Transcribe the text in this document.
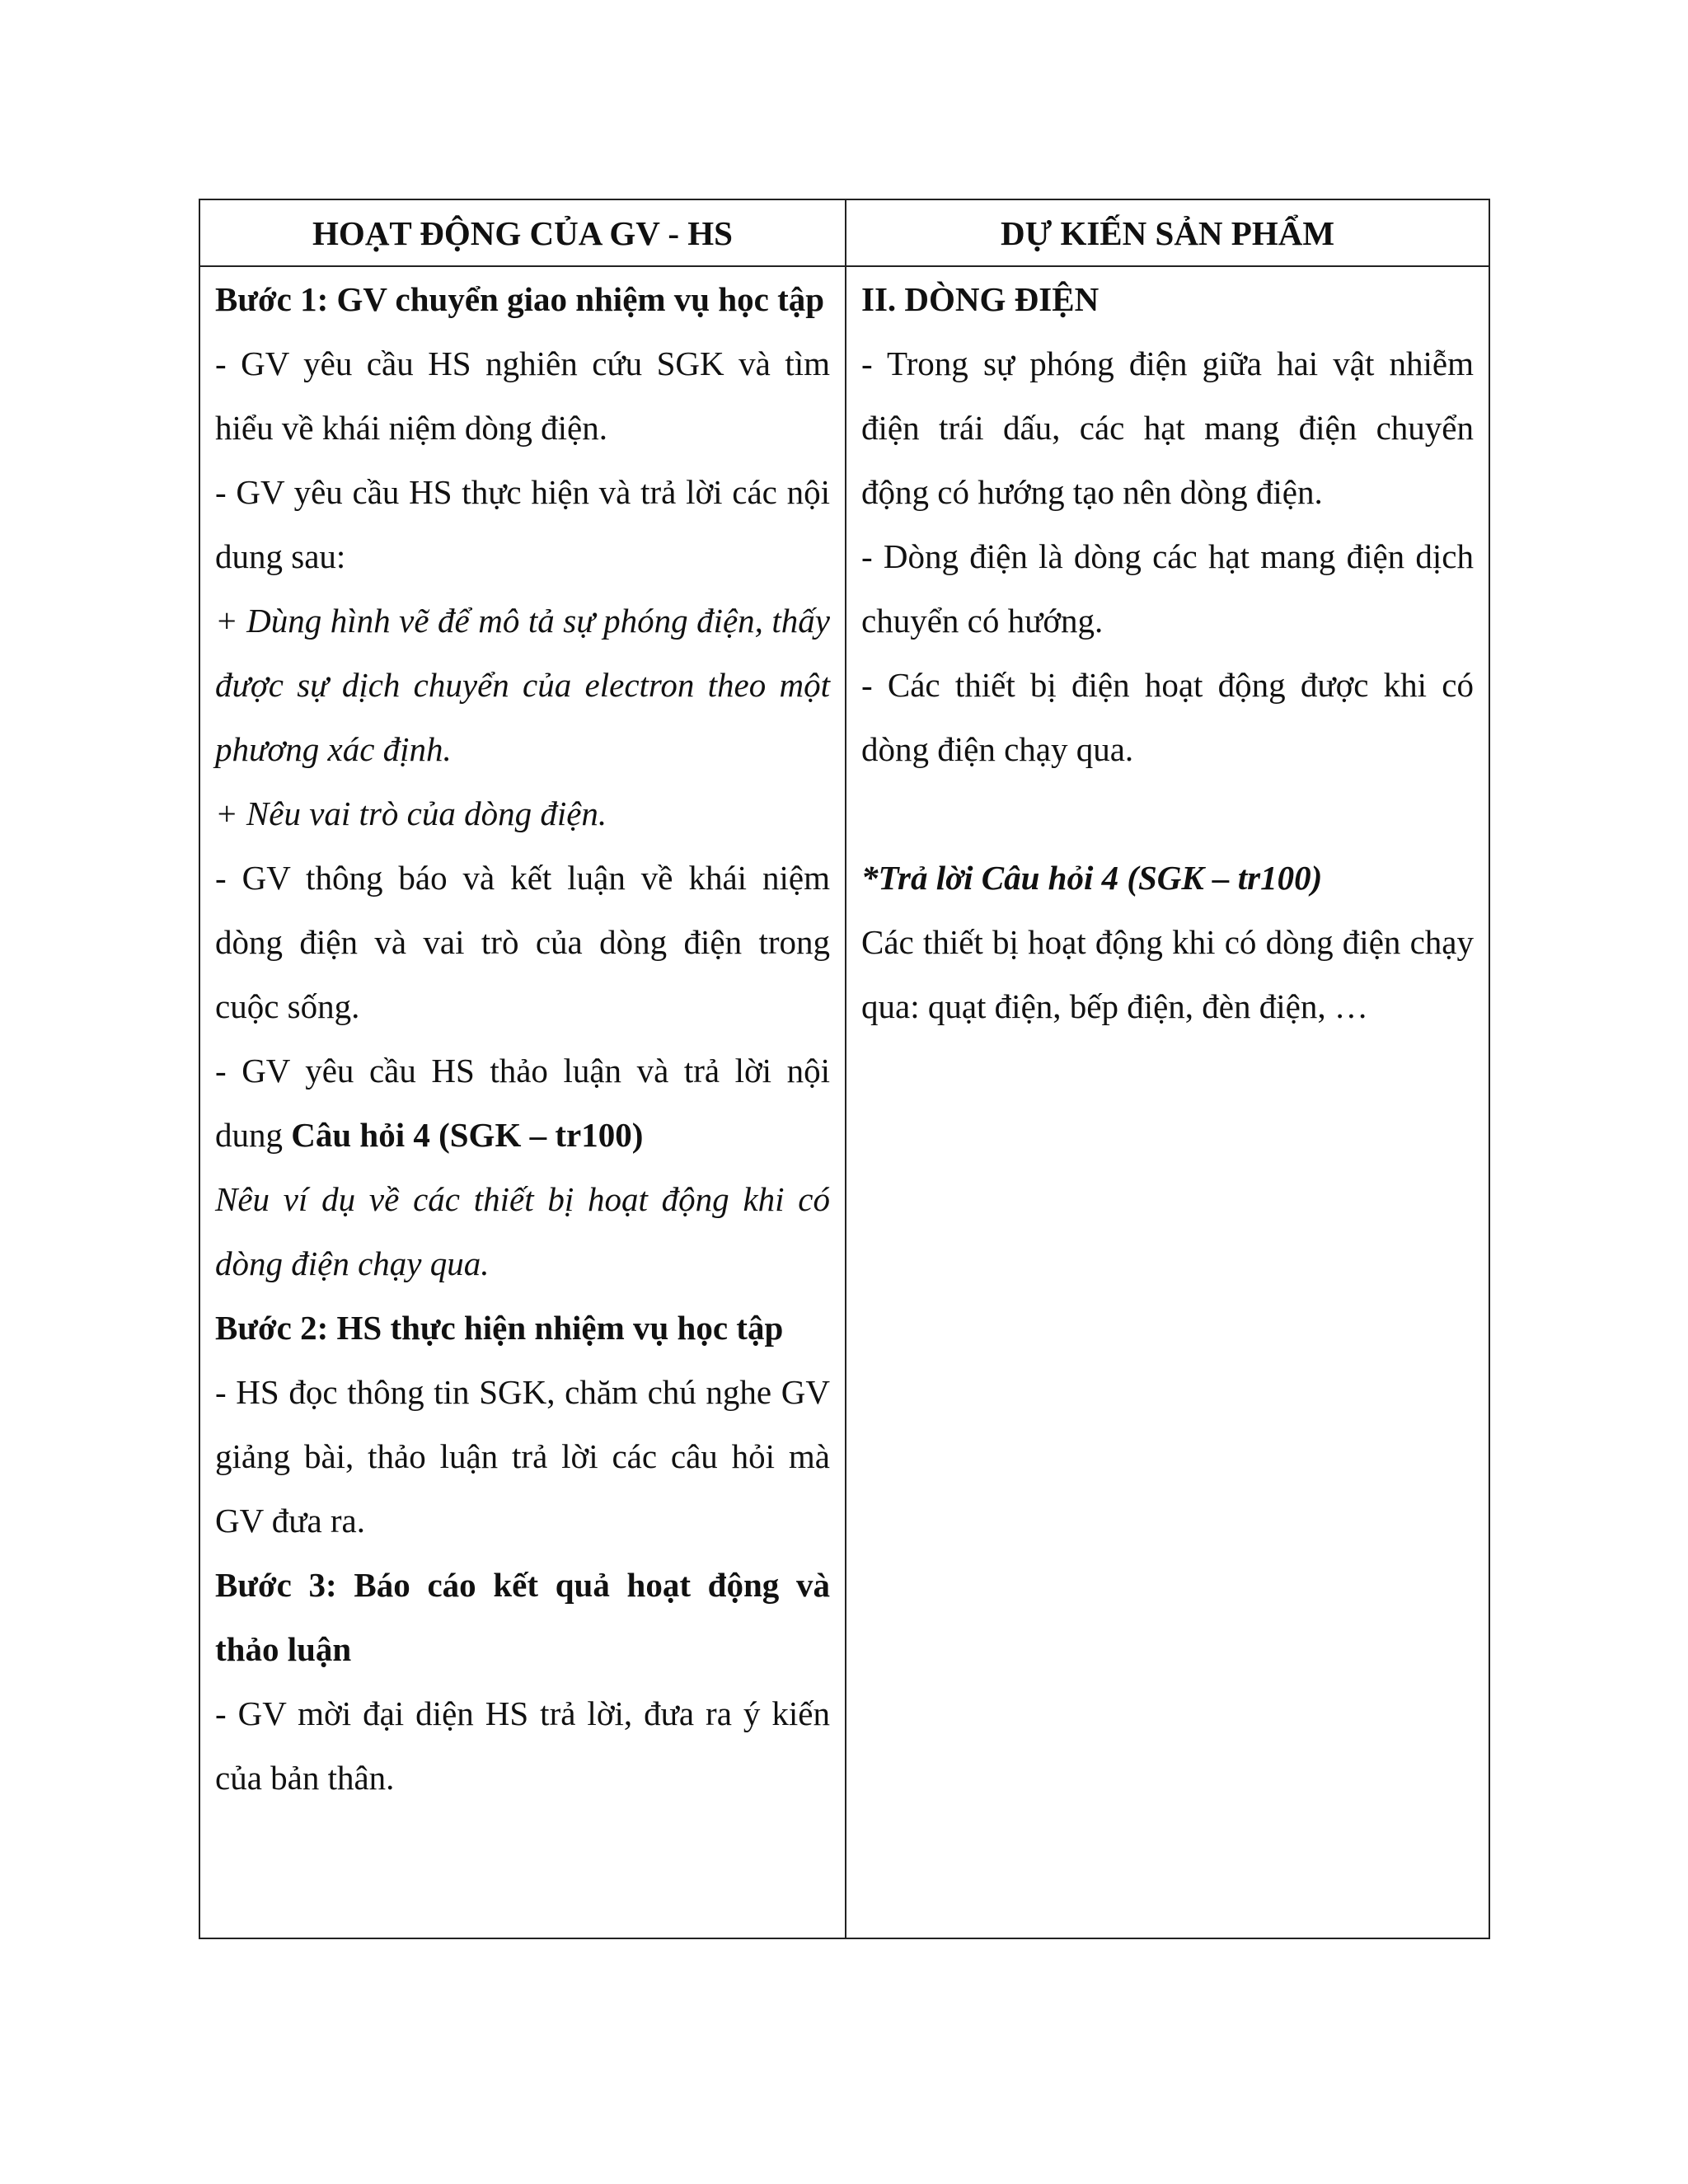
HOẠT ĐỘNG CỦA GV - HS	DỰ KIẾN SẢN PHẨM

Bước 1: GV chuyển giao nhiệm vụ học tập

- GV yêu cầu HS nghiên cứu SGK và tìm hiểu về khái niệm dòng điện.

- GV yêu cầu HS thực hiện và trả lời các nội dung sau:

+ Dùng hình vẽ để mô tả sự phóng điện, thấy được sự dịch chuyển của electron theo một phương xác định.

+ Nêu vai trò của dòng điện.

- GV thông báo và kết luận về khái niệm dòng điện và vai trò của dòng điện trong cuộc sống.

- GV yêu cầu HS thảo luận và trả lời nội dung Câu hỏi 4 (SGK – tr100)

Nêu ví dụ về các thiết bị hoạt động khi có dòng điện chạy qua.

Bước 2: HS thực hiện nhiệm vụ học tập

- HS đọc thông tin SGK, chăm chú nghe GV giảng bài, thảo luận trả lời các câu hỏi mà GV đưa ra.

Bước 3: Báo cáo kết quả hoạt động và thảo luận

- GV mời đại diện HS trả lời, đưa ra ý kiến của bản thân.

II. DÒNG ĐIỆN

- Trong sự phóng điện giữa hai vật nhiễm điện trái dấu, các hạt mang điện chuyển động có hướng tạo nên dòng điện.

- Dòng điện là dòng các hạt mang điện dịch chuyển có hướng.

- Các thiết bị điện hoạt động được khi có dòng điện chạy qua.

*Trả lời Câu hỏi 4 (SGK – tr100)

Các thiết bị hoạt động khi có dòng điện chạy qua: quạt điện, bếp điện, đèn điện, …
